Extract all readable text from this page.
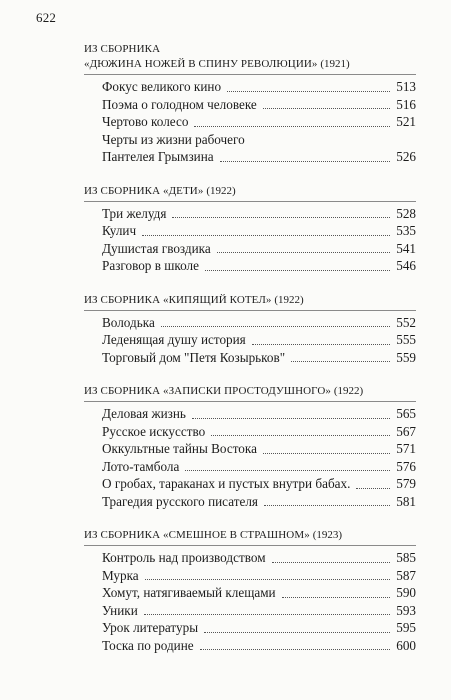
622
ИЗ СБОРНИКА
«ДЮЖИНА НОЖЕЙ В СПИНУ РЕВОЛЮЦИИ» (1921)
Фокус великого кино	513
Поэма о голодном человеке	516
Чертово колесо	521
Черты из жизни рабочего
Пантелея Грымзина	526
ИЗ СБОРНИКА «ДЕТИ» (1922)
Три желудя	528
Кулич	535
Душистая гвоздика	541
Разговор в школе	546
ИЗ СБОРНИКА «КИПЯЩИЙ КОТЕЛ» (1922)
Володька	552
Леденящая душу история	555
Торговый дом "Петя Козырьков"	559
ИЗ СБОРНИКА «ЗАПИСКИ ПРОСТОДУШНОГО» (1922)
Деловая жизнь	565
Русское искусство	567
Оккультные тайны Востока	571
Лото-тамбола	576
О гробах, тараканах и пустых внутри бабах.	579
Трагедия русского писателя	581
ИЗ СБОРНИКА «СМЕШНОЕ В СТРАШНОМ» (1923)
Контроль над производством	585
Мурка	587
Хомут, натягиваемый клещами	590
Уники	593
Урок литературы	595
Тоска по родине	600
